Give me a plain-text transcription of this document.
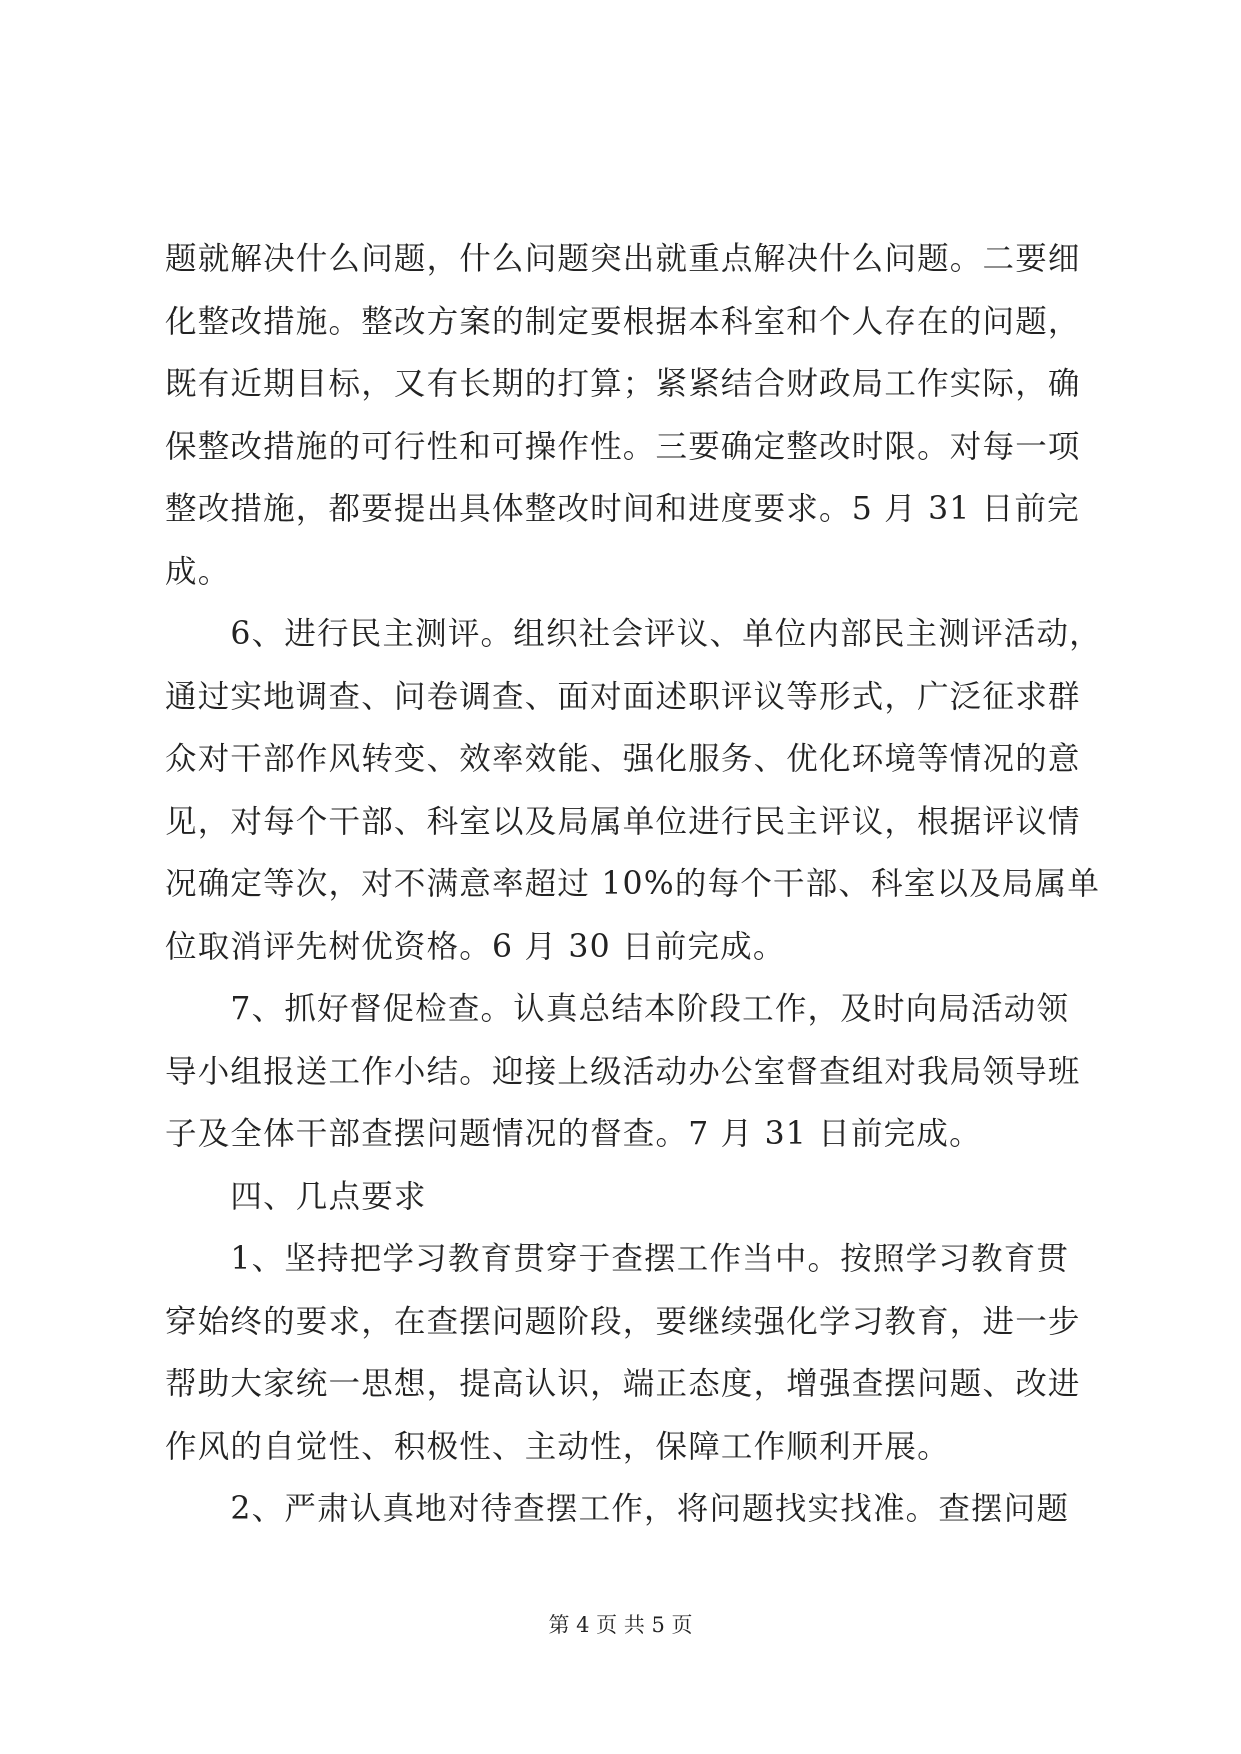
题就解决什么问题，什么问题突出就重点解决什么问题。二要细
化整改措施。整改方案的制定要根据本科室和个人存在的问题，
既有近期目标，又有长期的打算；紧紧结合财政局工作实际，确
保整改措施的可行性和可操作性。三要确定整改时限。对每一项
整改措施，都要提出具体整改时间和进度要求。5 月 31 日前完
成。
　　6、进行民主测评。组织社会评议、单位内部民主测评活动，
通过实地调查、问卷调查、面对面述职评议等形式，广泛征求群
众对干部作风转变、效率效能、强化服务、优化环境等情况的意
见，对每个干部、科室以及局属单位进行民主评议，根据评议情
况确定等次，对不满意率超过 10%的每个干部、科室以及局属单
位取消评先树优资格。6 月 30 日前完成。
　　7、抓好督促检查。认真总结本阶段工作，及时向局活动领
导小组报送工作小结。迎接上级活动办公室督查组对我局领导班
子及全体干部查摆问题情况的督查。7 月 31 日前完成。
　　四、几点要求
　　1、坚持把学习教育贯穿于查摆工作当中。按照学习教育贯
穿始终的要求，在查摆问题阶段，要继续强化学习教育，进一步
帮助大家统一思想，提高认识，端正态度，增强查摆问题、改进
作风的自觉性、积极性、主动性，保障工作顺利开展。
　　2、严肃认真地对待查摆工作，将问题找实找准。查摆问题
第 4 页 共 5 页
